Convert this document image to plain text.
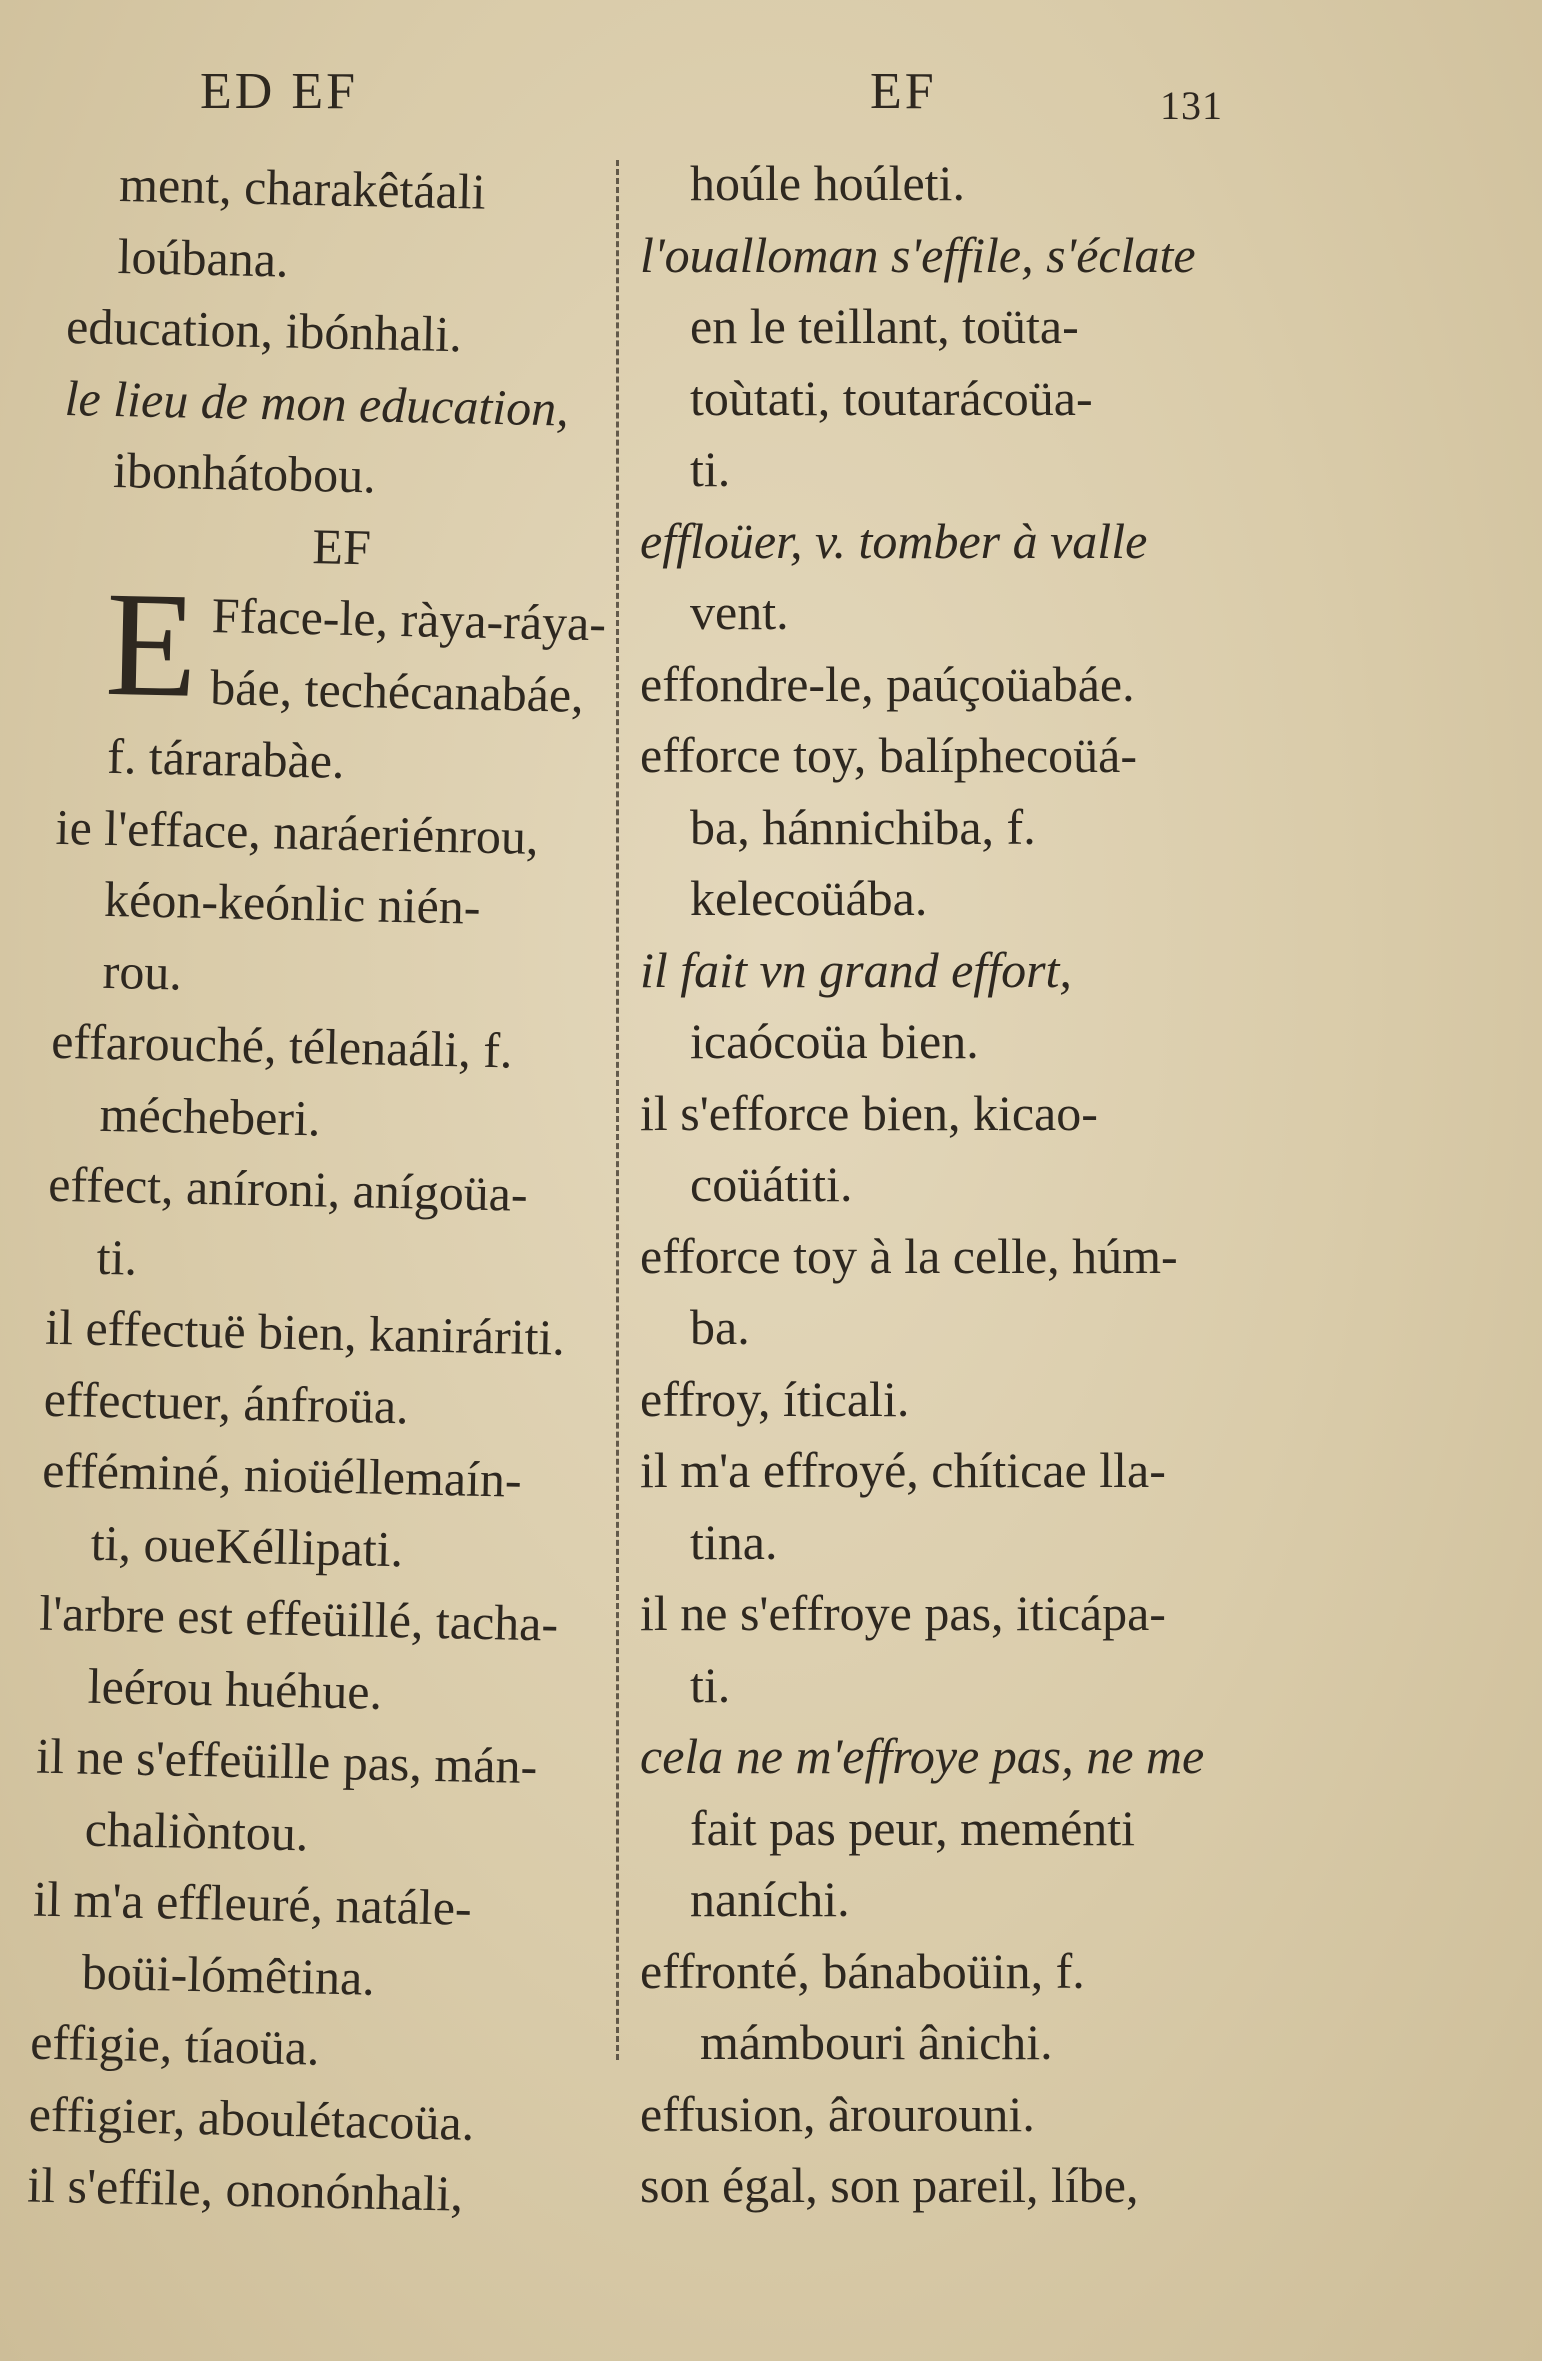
ED EF	EF	131
ment, charakêtáali
loúbana.
education, ibónhali.
le lieu de mon education,
ibonhátobou.
EF
E Fface-le, ràya-ráya-
báe, techécanabáe,
f. tárarabàe.
ie l'efface, naráeriénrou,
kéon-keónlic nién-
rou.
effarouché, télenaáli, f.
mécheberi.
effect, aníroni, anígoüa-
ti.
il effectuë bien, kaniráriti.
effectuer, ánfroüa.
efféminé, nioüéllemaín-
ti, oueKéllipati.
l'arbre est effeüillé, tacha-
leérou huéhue.
il ne s'effeüille pas, mán-
chaliòntou.
il m'a effleuré, natále-
boüi-lómêtina.
effigie, tíaoüa.
effigier, aboulétacoüa.
il s'effile, ononónhali,
hoúle hoúleti.
l'oualloman s'effile, s'éclate
en le teillant, toüta-
toùtati, toutarácoüa-
ti.
effloüer, v. tomber à valle
vent.
effondre-le, paúçoüabáe.
efforce toy, balíphecoüá-
ba, hánnichiba, f.
kelecoüába.
il fait vn grand effort,
icaócoüa bien.
il s'efforce bien, kicao-
coüátiti.
efforce toy à la celle, húm-
ba.
effroy, íticali.
il m'a effroyé, chíticae lla-
tina.
il ne s'effroye pas, iticápa-
ti.
cela ne m'effroye pas, ne me
fait pas peur, meménti
naníchi.
effronté, bánaboüin, f.
mámbouri ânichi.
effusion, ârourouni.
son égal, son pareil, líbe,
